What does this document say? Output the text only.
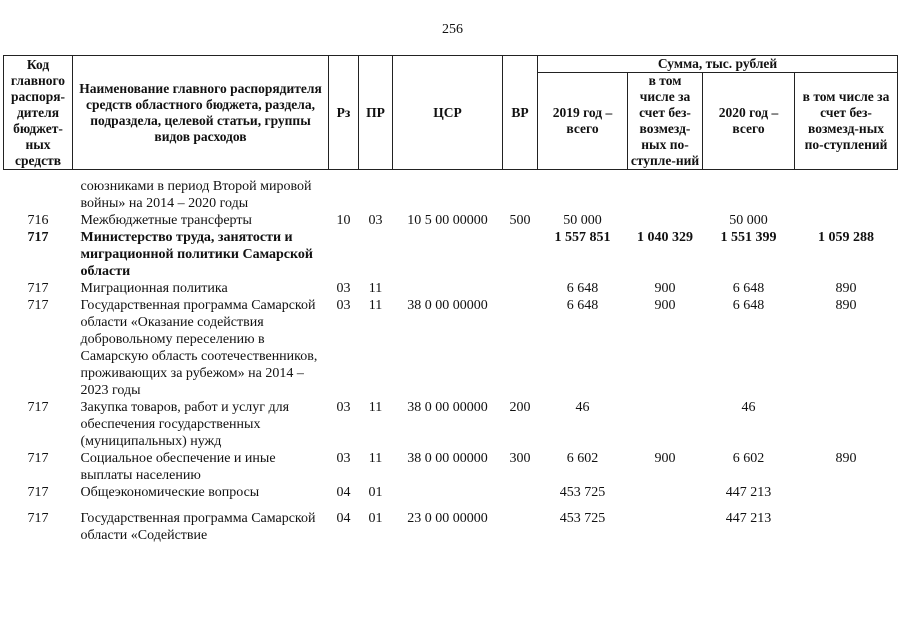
256
Код главного распоря-дителя бюджет-ных средств	Наименование главного распорядителя средств областного бюджета, раздела, подраздела, целевой статьи, группы видов расходов	Рз	ПР	ЦСР	ВР	Сумма, тыс. рублей			
						2019 год – всего	в том числе за счет без-возмезд-ных по-ступле-ний	2020 год – всего	в том числе за счет без-возмезд-ных по-ступлений
	союзниками в период Второй мировой войны» на 2014 – 2020 годы								
716	Межбюджетные трансферты	10	03	10 5 00 00000	500	50 000		50 000	
717	Министерство труда, занятости и миграционной политики Самарской области					1 557 851	1 040 329	1 551 399	1 059 288
717	Миграционная политика	03	11			6 648	900	6 648	890
717	Государственная программа Самарской области «Оказание содействия добровольному переселению в Самарскую область соотечественников, проживающих за рубежом» на 2014 – 2023 годы	03	11	38 0 00 00000		6 648	900	6 648	890
717	Закупка товаров, работ и услуг для обеспечения государственных (муниципальных) нужд	03	11	38 0 00 00000	200	46		46	
717	Социальное обеспечение и иные выплаты населению	03	11	38 0 00 00000	300	6 602	900	6 602	890
717	Общеэкономические вопросы	04	01			453 725		447 213	
717	Государственная программа Самарской области «Содействие	04	01	23 0 00 00000		453 725		447 213	
